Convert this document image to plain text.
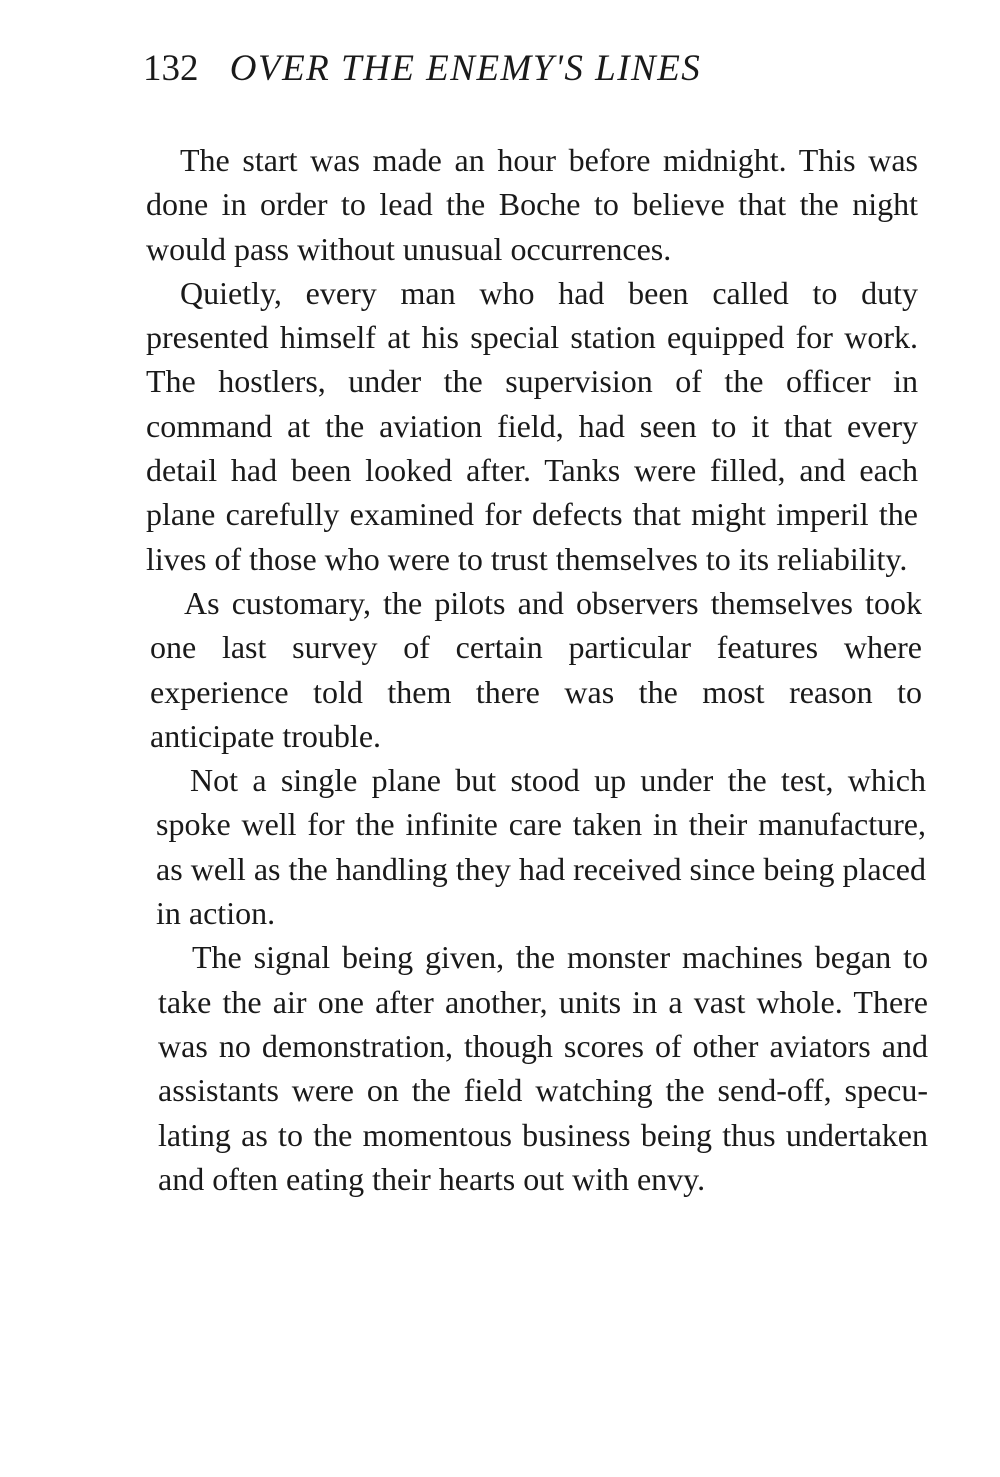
132 OVER THE ENEMY'S LINES

The start was made an hour before midnight. This was done in order to lead the Boche to believe that the night would pass without unusual occurrences.

Quietly, every man who had been called to duty presented himself at his special station equipped for work. The hostlers, under the supervision of the officer in command at the aviation field, had seen to it that every detail had been looked after. Tanks were filled, and each plane carefully examined for defects that might imperil the lives of those who were to trust themselves to its reliability.

As customary, the pilots and observers themselves took one last survey of certain particular features where experience told them there was the most reason to anticipate trouble.

Not a single plane but stood up under the test, which spoke well for the infinite care taken in their manufacture, as well as the handling they had received since being placed in action.

The signal being given, the monster machines began to take the air one after another, units in a vast whole. There was no demonstration, though scores of other aviators and assistants were on the field watching the send-off, speculating as to the momentous business being thus undertaken and often eating their hearts out with envy.
